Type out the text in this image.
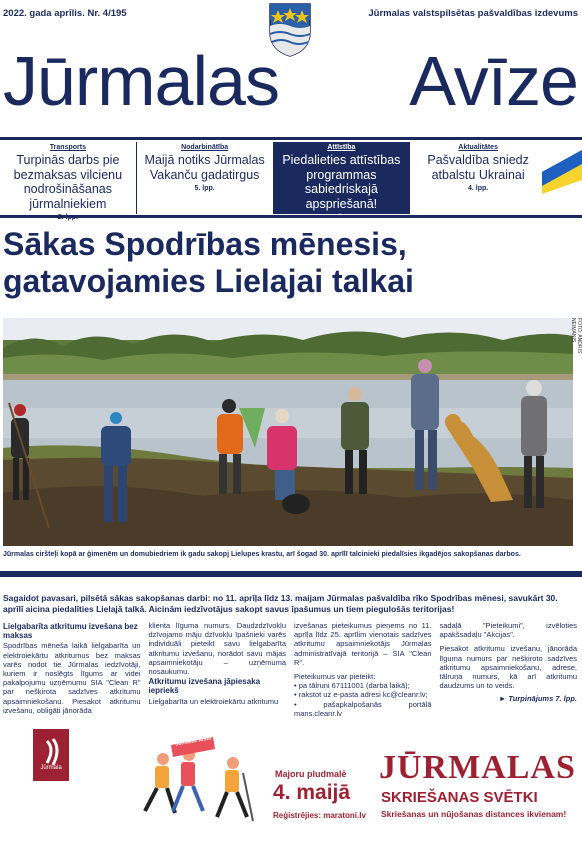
2022. gada aprīlis. Nr. 4/195	Jūrmalas valstspilsētas pašvaldības izdevums
Jūrmalas Avīze
Transports
Turpinās darbs pie bezmaksas vilcienu nodrošināšanas jūrmalniekiem
Nodarbinātība
Maijā notiks Jūrmalas Vakanču gadatirgus
5. lpp.
Attīstība
Piedalieties attīstības programmas sabiedriskajā apspriešanā!
Aktualitātes
Pašvaldība sniedz atbalstu Ukrainai
4. lpp.
Sākas Spodrības mēnesis,
gatavojamies Lielajai talkai
FOTO: ANDRIS NEIMANIS
Jūrmalas ciršteļi kopā ar ģimenēm un domubiedriem ik gadu sakopj Lielupes krastu, arī šogad 30. aprīlī talcinieki piedalīsies ikgadējos sakopšanas darbos.
Sagaidot pavasari, pilsētā sākas sakopšanas darbi: no 11. aprīļa līdz 13. maijam Jūrmalas pašvaldība rīko Spodrības mēnesi, savukārt 30. aprīlī aicina piedalīties Lielajā talkā. Aicinām iedzīvotājus sakopt savus īpašumus un tiem piegulošās teritorijas!
Lielgabarīta atkritumu izvešana bez maksas

Spodrības mēneša laikā lielgabarīta un elektroiekārtu atkritumus bez maksas varēs nodot tie Jūrmalas iedzīvotāji, kuriem ir noslēgts līgums ar videi pakalpojumu uzņēmumu SIA "Clean R" par nešķirota sadzīves atkritumu apsaimniekošanu. Piesakot atkritumu izvešanu, obligāti jānorāda

klienta līguma numurs. Daudzdzīvokļu dzīvojamo māju dzīvokļu īpašnieki varēs individuāli pieteikt savu lielgabarīta atkritumu izvešanu, norādot savu mājas apsaimniekotāju – uzņēmuma nosaukumu.

Atkritumu izvešana jāpiesaka iepriekš

Lielgabarīta un elektroiekārtu atkritumu

izvešanas pieteikumus pieņems no 11. aprīļa līdz 25. aprīlim vienotais sadzīves atkritumu apsaimniekotājs Jūrmalas administratīvajā teritorijā – SIA "Clean R".

Pieteikumus var pieteikt:

• pa tālruni 67111001 (darba laikā);

• rakstot uz e-pasta adresi kc@cleanr.lv;

• pašapkalpošanās portālā mans.cleanr.lv

sadaļā "Pieteikumi", izvēloties apakšsadaļu "Akcijas".

Piesakot atkritumu izvešanu, jānorāda līguma numurs par nešķiroto sadzīves atkritumu apsaimniekošanu, adrese, tālruņa numurs, kā arī atkritumu daudzums un to veids.

► Turpinājums 7. lpp.

Jūrmala
Jūrmalas Ārstu Sports
Majoru pludmalē
4. maijā
Reģistrējies: maratoni.lv
JŪRMALAS
SKRIEŠANAS SVĒTKI
Skriešanas un nūjošanas distances ikvienam!
